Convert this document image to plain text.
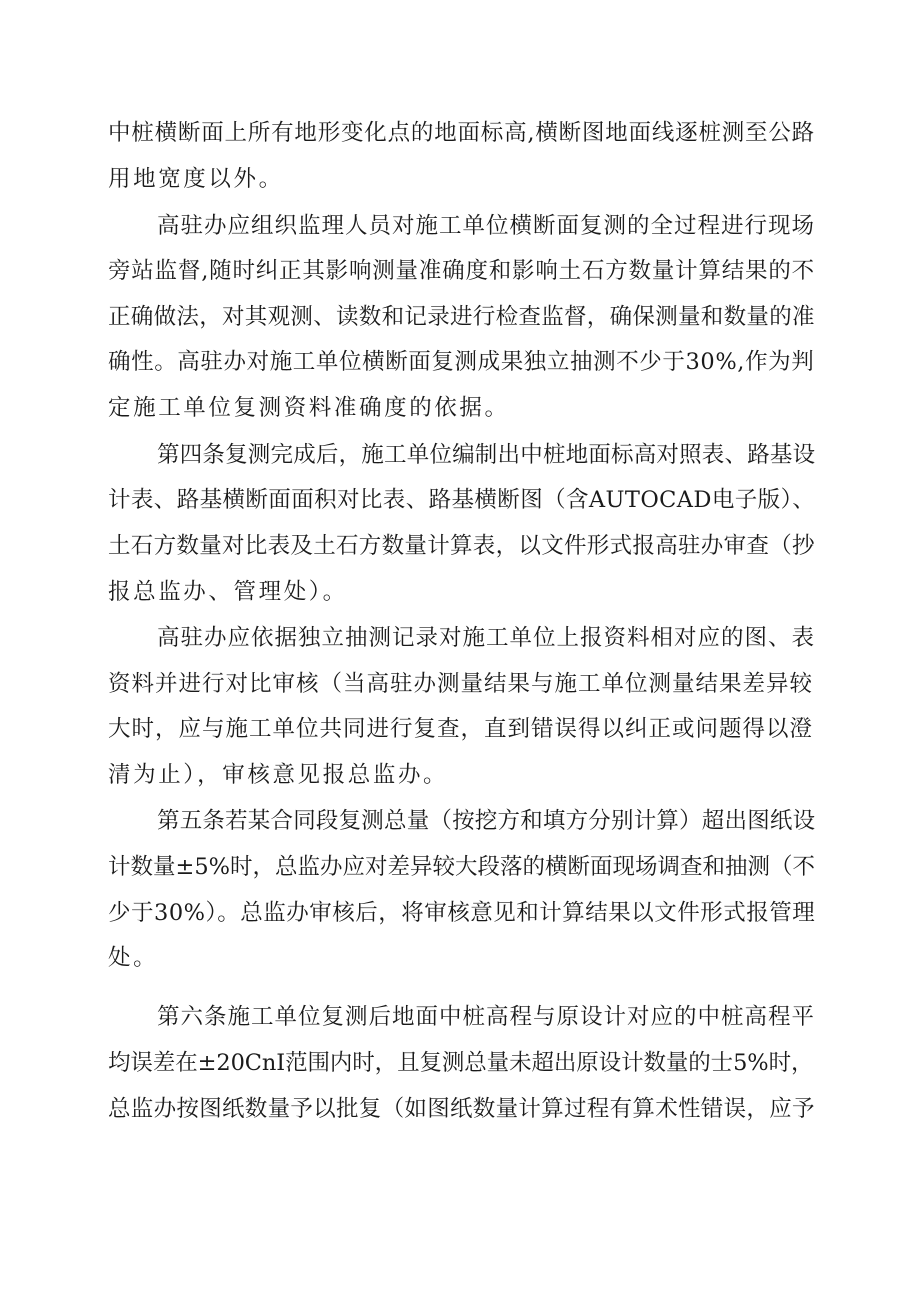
中桩横断面上所有地形变化点的地面标高,横断图地面线逐桩测至公路
用地宽度以外。
高驻办应组织监理人员对施工单位横断面复测的全过程进行现场
旁站监督,随时纠正其影响测量准确度和影响土石方数量计算结果的不
正确做法，对其观测、读数和记录进行检查监督，确保测量和数量的准
确性。高驻办对施工单位横断面复测成果独立抽测不少于30%,作为判
定施工单位复测资料准确度的依据。
第四条复测完成后，施工单位编制出中桩地面标高对照表、路基设
计表、路基横断面面积对比表、路基横断图（含AUTOCAD电子版）、
土石方数量对比表及土石方数量计算表，以文件形式报高驻办审查（抄
报总监办、管理处）。
高驻办应依据独立抽测记录对施工单位上报资料相对应的图、表
资料并进行对比审核（当高驻办测量结果与施工单位测量结果差异较
大时，应与施工单位共同进行复查，直到错误得以纠正或问题得以澄
清为止），审核意见报总监办。
第五条若某合同段复测总量（按挖方和填方分别计算）超出图纸设
计数量±5%时，总监办应对差异较大段落的横断面现场调查和抽测（不
少于30%）。总监办审核后，将审核意见和计算结果以文件形式报管理
处。
第六条施工单位复测后地面中桩高程与原设计对应的中桩高程平
均误差在±20CnI范围内时，且复测总量未超出原设计数量的士5%时，
总监办按图纸数量予以批复（如图纸数量计算过程有算术性错误，应予
